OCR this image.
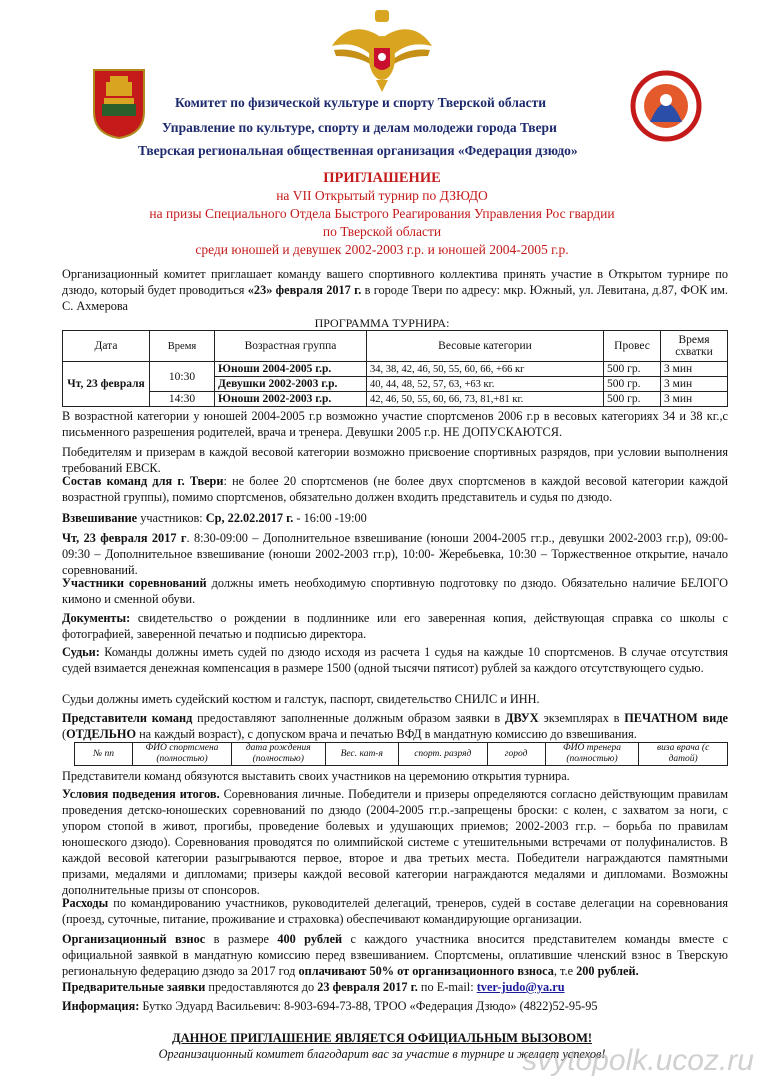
Комитет по физической культуре и спорту Тверской области
Управление по культуре, спорту и делам молодежи города Твери
Тверская региональная общественная организация «Федерация дзюдо»
ПРИГЛАШЕНИЕ
на VII Открытый турнир по ДЗЮДО
на призы Специального Отдела Быстрого Реагирования Управления Рос гвардии
по Тверской области
среди юношей и девушек 2002-2003 г.р. и юношей 2004-2005 г.р.
Организационный комитет приглашает команду вашего спортивного коллектива принять участие в Открытом турнире по дзюдо, который будет проводиться «23» февраля 2017 г. в городе Твери по адресу: мкр. Южный, ул. Левитана, д.87, ФОК им. С. Ахмерова
ПРОГРАММА ТУРНИРА:
Дата	Время	Возрастная группа	Весовые категории	Провес	Время схватки
Чт, 23 февраля	10:30	Юноши 2004-2005 г.р.	34, 38, 42, 46, 50, 55, 60, 66, +66 кг	500 гр.	3 мин
		Девушки 2002-2003 г.р.	40, 44, 48, 52, 57, 63, +63 кг.	500 гр.	3 мин
	14:30	Юноши 2002-2003 г.р.	42, 46, 50, 55, 60, 66, 73, 81,+81 кг.	500 гр.	3 мин
В возрастной категории у юношей 2004-2005 г.р возможно участие спортсменов 2006 г.р в весовых категориях 34 и 38 кг.,с письменного разрешения родителей, врача и тренера. Девушки 2005 г.р. НЕ ДОПУСКАЮТСЯ.
Победителям и призерам в каждой весовой категории возможно присвоение спортивных разрядов, при условии выполнения требований ЕВСК.
Состав команд для г. Твери: не более 20 спортсменов (не более двух спортсменов в каждой весовой категории каждой возрастной группы), помимо спортсменов, обязательно должен входить представитель и судья по дзюдо.
Взвешивание участников: Ср, 22.02.2017 г. - 16:00 -19:00
Чт, 23 февраля 2017 г. 8:30-09:00 – Дополнительное взвешивание (юноши 2004-2005 гг.р., девушки 2002-2003 гг.р), 09:00-09:30 – Дополнительное взвешивание (юноши 2002-2003 гг.р), 10:00- Жеребьевка, 10:30 – Торжественное открытие, начало соревнований.
Участники соревнований должны иметь необходимую спортивную подготовку по дзюдо. Обязательно наличие БЕЛОГО кимоно и сменной обуви.
Документы: свидетельство о рождении в подлиннике или его заверенная копия, действующая справка со школы с фотографией, заверенной печатью и подписью директора.
Судьи: Команды должны иметь судей по дзюдо исходя из расчета 1 судья на каждые 10 спортсменов. В случае отсутствия судей взимается денежная компенсация в размере 1500 (одной тысячи пятисот) рублей за каждого отсутствующего судью.
Судьи должны иметь судейский костюм и галстук, паспорт, свидетельство СНИЛС и ИНН.
Представители команд предоставляют заполненные должным образом заявки в ДВУХ экземплярах в ПЕЧАТНОМ виде (ОТДЕЛЬНО на каждый возраст), с допуском врача и печатью ВФД в мандатную комиссию до взвешивания.
№ пп	ФИО спортсмена (полностью)	дата рождения (полностью)	Вес. кат-я	спорт. разряд	город	ФИО тренера (полностью)	виза врача (с датой)
Представители команд обязуются выставить своих участников на церемонию открытия турнира.
Условия подведения итогов. Соревнования личные. Победители и призеры определяются согласно действующим правилам проведения детско-юношеских соревнований по дзюдо (2004-2005 гг.р.-запрещены броски: с колен, с захватом за ноги, с упором стопой в живот, прогибы, проведение болевых и удушающих приемов; 2002-2003 гг.р. – борьба по правилам юношеского дзюдо). Соревнования проводятся по олимпийской системе с утешительными встречами от полуфиналистов. В каждой весовой категории разыгрываются первое, второе и два третьих места. Победители награждаются памятными призами, медалями и дипломами; призеры каждой весовой категории награждаются медалями и дипломами. Возможны дополнительные призы от спонсоров.
Расходы по командированию участников, руководителей делегаций, тренеров, судей в составе делегации на соревнования (проезд, суточные, питание, проживание и страховка) обеспечивают командирующие организации.
Организационный взнос в размере 400 рублей с каждого участника вносится представителем команды вместе с официальной заявкой в мандатную комиссию перед взвешиванием. Спортсмены, оплатившие членский взнос в Тверскую региональную федерацию дзюдо за 2017 год оплачивают 50% от организационного взноса, т.е 200 рублей.
Предварительные заявки предоставляются до 23 февраля 2017 г. по E-mail: tver-judo@ya.ru
Информация: Бутко Эдуард Васильевич: 8-903-694-73-88, ТРОО «Федерация Дзюдо» (4822)52-95-95
ДАННОЕ ПРИГЛАШЕНИЕ ЯВЛЯЕТСЯ ОФИЦИАЛЬНЫМ ВЫЗОВОМ!
Организационный комитет благодарит вас за участие в турнире и желает успехов!
svytopolk.ucoz.ru
